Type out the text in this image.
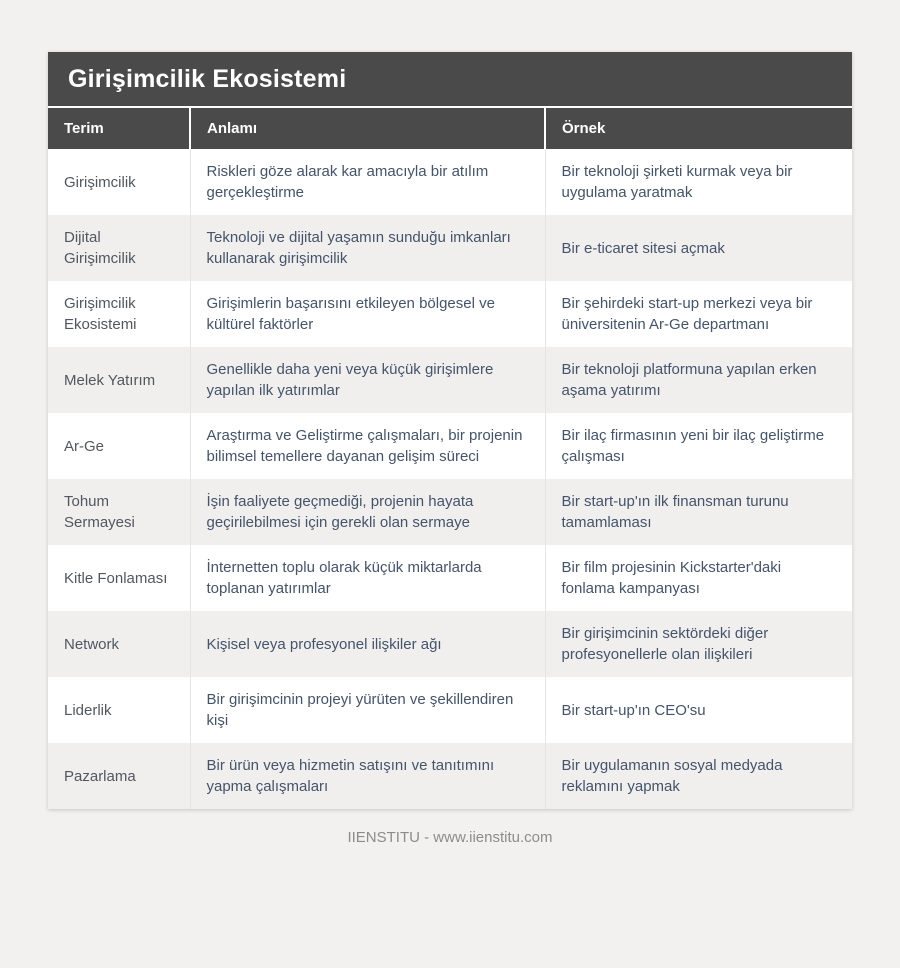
Girişimcilik Ekosistemi
Terim	Anlamı	Örnek
Girişimcilik	Riskleri göze alarak kar amacıyla bir atılım gerçekleştirme	Bir teknoloji şirketi kurmak veya bir uygulama yaratmak
Dijital Girişimcilik	Teknoloji ve dijital yaşamın sunduğu imkanları kullanarak girişimcilik	Bir e-ticaret sitesi açmak
Girişimcilik Ekosistemi	Girişimlerin başarısını etkileyen bölgesel ve kültürel faktörler	Bir şehirdeki start-up merkezi veya bir üniversitenin Ar-Ge departmanı
Melek Yatırım	Genellikle daha yeni veya küçük girişimlere yapılan ilk yatırımlar	Bir teknoloji platformuna yapılan erken aşama yatırımı
Ar-Ge	Araştırma ve Geliştirme çalışmaları, bir projenin bilimsel temellere dayanan gelişim süreci	Bir ilaç firmasının yeni bir ilaç geliştirme çalışması
Tohum Sermayesi	İşin faaliyete geçmediği, projenin hayata geçirilebilmesi için gerekli olan sermaye	Bir start-up'ın ilk finansman turunu tamamlaması
Kitle Fonlaması	İnternetten toplu olarak küçük miktarlarda toplanan yatırımlar	Bir film projesinin Kickstarter'daki fonlama kampanyası
Network	Kişisel veya profesyonel ilişkiler ağı	Bir girişimcinin sektördeki diğer profesyonellerle olan ilişkileri
Liderlik	Bir girişimcinin projeyi yürüten ve şekillendiren kişi	Bir start-up'ın CEO'su
Pazarlama	Bir ürün veya hizmetin satışını ve tanıtımını yapma çalışmaları	Bir uygulamanın sosyal medyada reklamını yapmak
IIENSTITU - www.iienstitu.com
